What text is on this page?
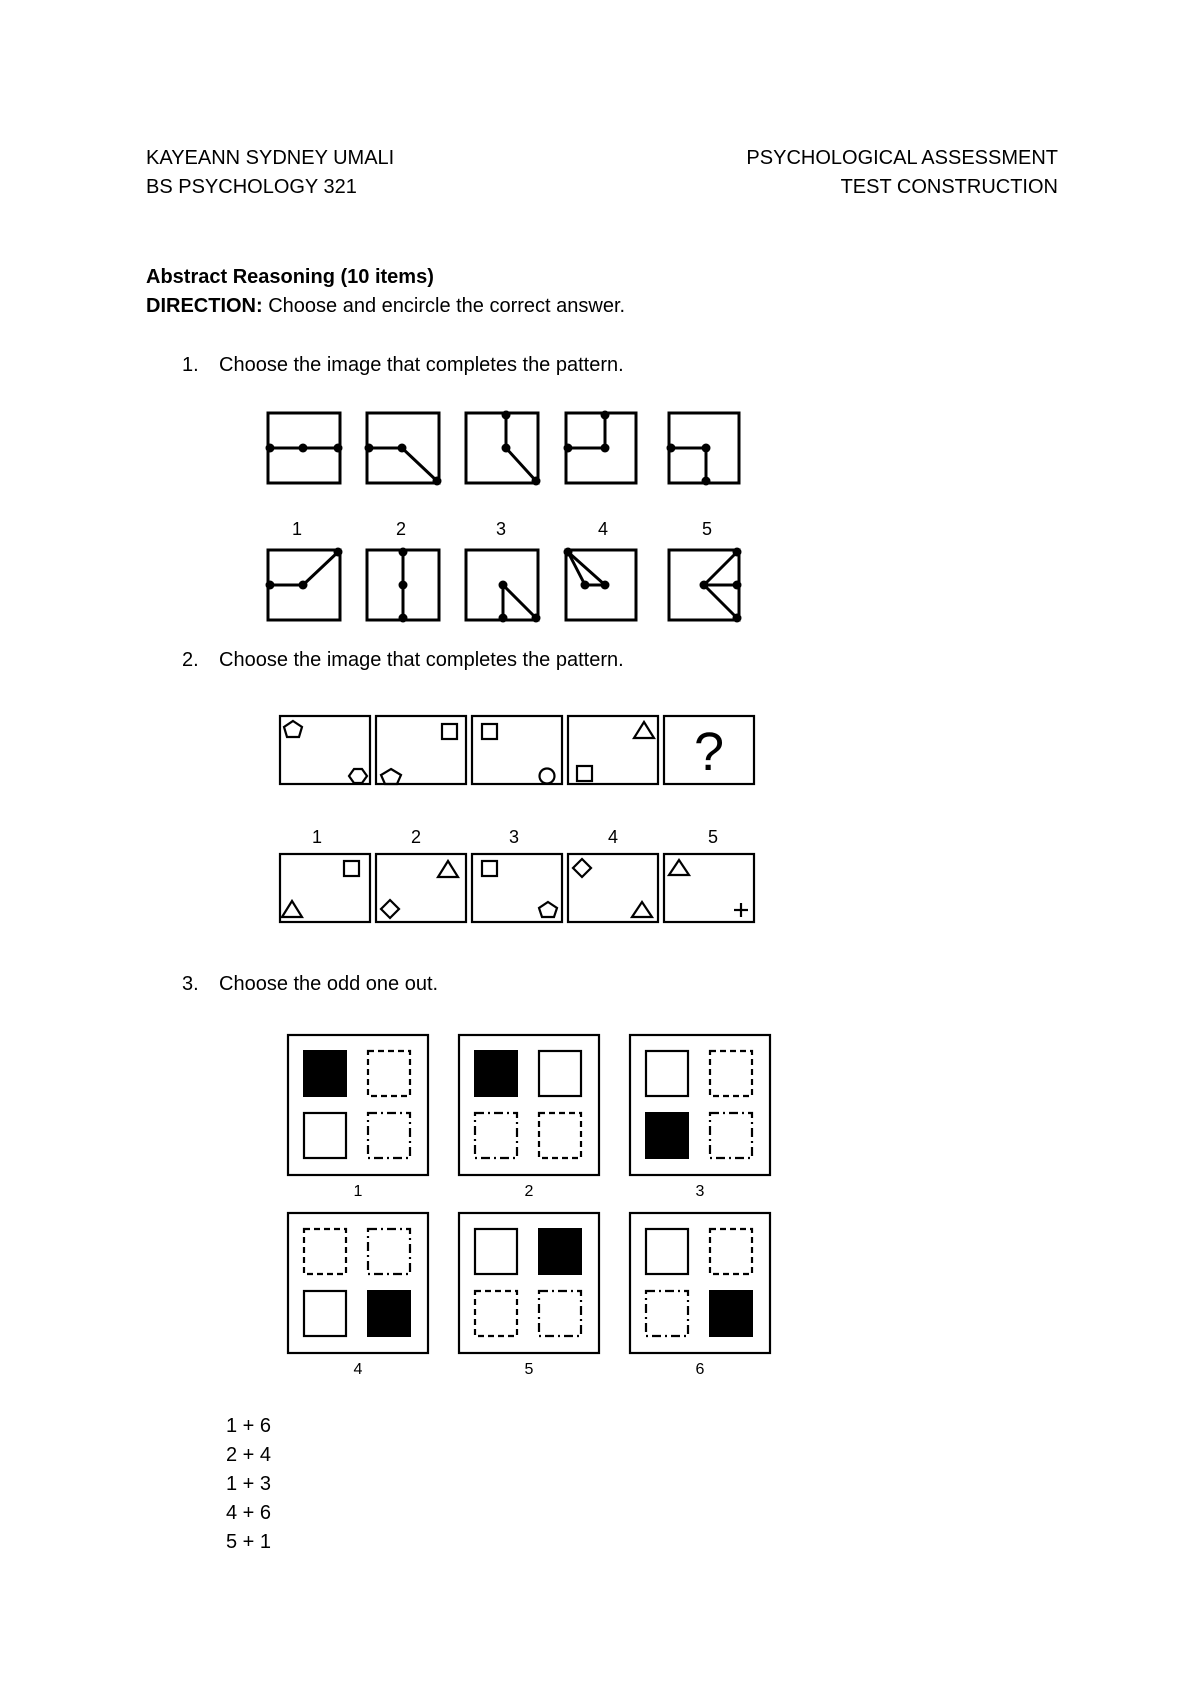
KAYEANN SYDNEY UMALI
BS PSYCHOLOGY 321
PSYCHOLOGICAL ASSESSMENT
TEST CONSTRUCTION
Abstract Reasoning (10 items)
DIRECTION: Choose and encircle the correct answer.
1. Choose the image that completes the pattern.
1	2	3	4	5
2. Choose the image that completes the pattern.
?
1	2	3	4	5
3. Choose the odd one out.
1	2	3
4	5	6
1 + 6
2 + 4
1 + 3
4 + 6
5 + 1
